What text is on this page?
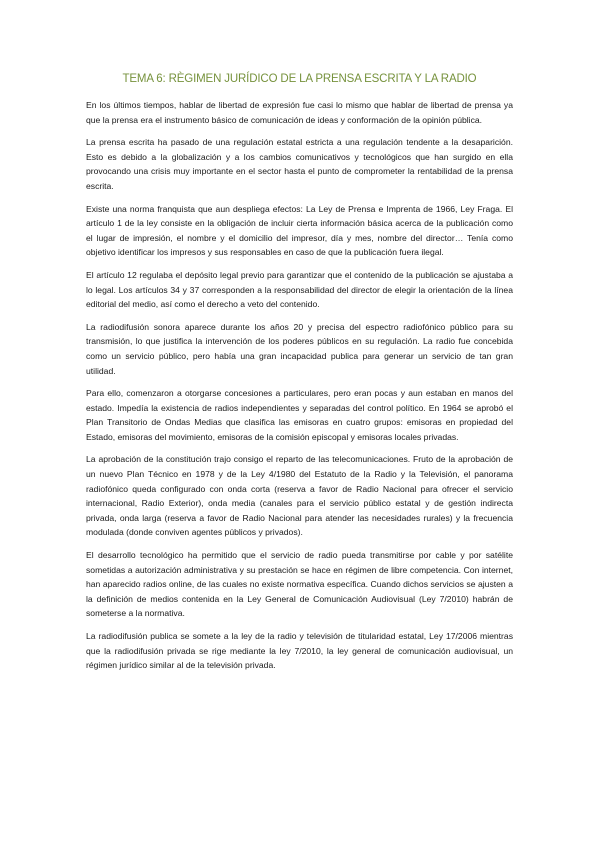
TEMA 6: RÈGIMEN JURÍDICO DE LA PRENSA ESCRITA Y LA RADIO

En los últimos tiempos, hablar de libertad de expresión fue casi lo mismo que hablar de libertad de prensa ya que la prensa era el instrumento básico de comunicación de ideas y conformación de la opinión pública.

La prensa escrita ha pasado de una regulación estatal estricta a una regulación tendente a la desaparición. Esto es debido a la globalización y a los cambios comunicativos y tecnológicos que han surgido en ella provocando una crisis muy importante en el sector hasta el punto de comprometer la rentabilidad de la prensa escrita.

Existe una norma franquista que aun despliega efectos: La Ley de Prensa e Imprenta de 1966, Ley Fraga. El artículo 1 de la ley consiste en la obligación de incluir cierta información básica acerca de la publicación como el lugar de impresión, el nombre y el domicilio del impresor, día y mes, nombre del director… Tenía como objetivo identificar los impresos y sus responsables en caso de que la publicación fuera ilegal.

El artículo 12 regulaba el depósito legal previo para garantizar que el contenido de la publicación se ajustaba a lo legal. Los artículos 34 y 37 corresponden a la responsabilidad del director de elegir la orientación de la línea editorial del medio, así como el derecho a veto del contenido.

La radiodifusión sonora aparece durante los años 20 y precisa del espectro radiofónico público para su transmisión, lo que justifica la intervención de los poderes públicos en su regulación. La radio fue concebida como un servicio público, pero había una gran incapacidad publica para generar un servicio de tan gran utilidad.

Para ello, comenzaron a otorgarse concesiones a particulares, pero eran pocas y aun estaban en manos del estado. Impedía la existencia de radios independientes y separadas del control político. En 1964 se aprobó el Plan Transitorio de Ondas Medias que clasifica las emisoras en cuatro grupos: emisoras en propiedad del Estado, emisoras del movimiento, emisoras de la comisión episcopal y emisoras locales privadas.

La aprobación de la constitución trajo consigo el reparto de las telecomunicaciones. Fruto de la aprobación de un nuevo Plan Técnico en 1978 y de la Ley 4/1980 del Estatuto de la Radio y la Televisión, el panorama radiofónico queda configurado con onda corta (reserva a favor de Radio Nacional para ofrecer el servicio internacional, Radio Exterior), onda media (canales para el servicio público estatal y de gestión indirecta privada, onda larga (reserva a favor de Radio Nacional para atender las necesidades rurales) y la frecuencia modulada (donde conviven agentes públicos y privados).

El desarrollo tecnológico ha permitido que el servicio de radio pueda transmitirse por cable y por satélite sometidas a autorización administrativa y su prestación se hace en régimen de libre competencia. Con internet, han aparecido radios online, de las cuales no existe normativa específica. Cuando dichos servicios se ajusten a la definición de medios contenida en la Ley General de Comunicación Audiovisual (Ley 7/2010) habrán de someterse a la normativa.

La radiodifusión publica se somete a la ley de la radio y televisión de titularidad estatal, Ley 17/2006 mientras que la radiodifusión privada se rige mediante la ley 7/2010, la ley general de comunicación audiovisual, un régimen jurídico similar al de la televisión privada.
